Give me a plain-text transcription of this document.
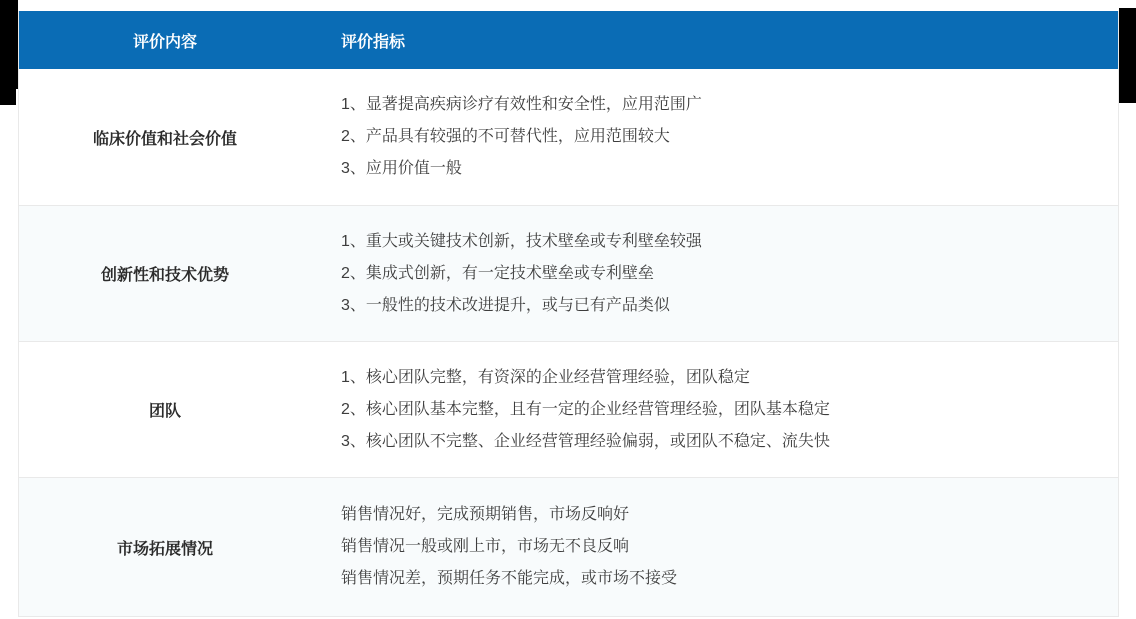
评价内容	评价指标
临床价值和社会价值
1、显著提高疾病诊疗有效性和安全性，应用范围广
2、产品具有较强的不可替代性，应用范围较大
3、应用价值一般
创新性和技术优势
1、重大或关键技术创新，技术壁垒或专利壁垒较强
2、集成式创新，有一定技术壁垒或专利壁垒
3、一般性的技术改进提升，或与已有产品类似
团队
1、核心团队完整，有资深的企业经营管理经验，团队稳定
2、核心团队基本完整，且有一定的企业经营管理经验，团队基本稳定
3、核心团队不完整、企业经营管理经验偏弱，或团队不稳定、流失快
市场拓展情况
销售情况好，完成预期销售，市场反响好
销售情况一般或刚上市，市场无不良反响
销售情况差，预期任务不能完成，或市场不接受
